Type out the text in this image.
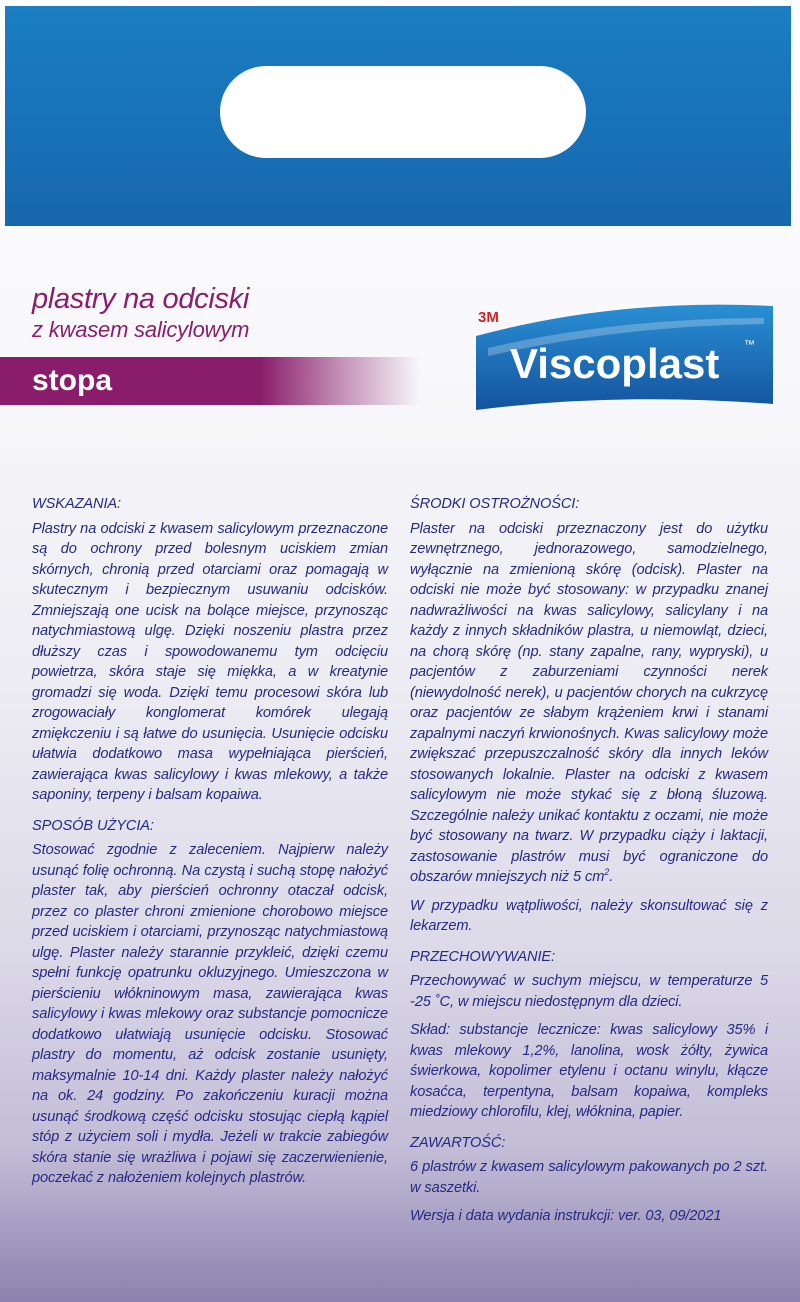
plastry na odciski
z kwasem salicylowym
stopa
3M
Viscoplast ™

WSKAZANIA:

Plastry na odciski z kwasem salicylowym przeznaczone są do ochrony przed bolesnym uciskiem zmian skórnych, chronią przed otarciami oraz pomagają w skutecznym i bezpiecznym usuwaniu odcisków. Zmniejszają one ucisk na bolące miejsce, przynosząc natychmiastową ulgę. Dzięki noszeniu plastra przez dłuższy czas i spowodowanemu tym odcięciu powietrza, skóra staje się miękka, a w kreatynie gromadzi się woda. Dzięki temu procesowi skóra lub zrogowaciały konglomerat komórek ulegają zmiękczeniu i są łatwe do usunięcia. Usunięcie odcisku ułatwia dodatkowo masa wypełniająca pierścień, zawierająca kwas salicylowy i kwas mlekowy, a także saponiny, terpeny i balsam kopaiwa.

SPOSÓB UŻYCIA:

Stosować zgodnie z zaleceniem. Najpierw należy usunąć folię ochronną. Na czystą i suchą stopę nałożyć plaster tak, aby pierścień ochronny otaczał odcisk, przez co plaster chroni zmienione chorobowo miejsce przed uciskiem i otarciami, przynosząc natychmiastową ulgę. Plaster należy starannie przykleić, dzięki czemu spełni funkcję opatrunku okluzyjnego. Umieszczona w pierścieniu włókninowym masa, zawierająca kwas salicylowy i kwas mlekowy oraz substancje pomocnicze dodatkowo ułatwiają usunięcie odcisku. Stosować plastry do momentu, aż odcisk zostanie usunięty, maksymalnie 10-14 dni. Każdy plaster należy nałożyć na ok. 24 godziny. Po zakończeniu kuracji można usunąć środkową część odcisku stosując ciepłą kąpiel stóp z użyciem soli i mydła. Jeżeli w trakcie zabiegów skóra stanie się wrażliwa i pojawi się zaczerwienienie, poczekać z nałożeniem kolejnych plastrów.

ŚRODKI OSTROŻNOŚCI:

Plaster na odciski przeznaczony jest do użytku zewnętrznego, jednorazowego, samodzielnego, wyłącznie na zmienioną skórę (odcisk). Plaster na odciski nie może być stosowany: w przypadku znanej nadwrażliwości na kwas salicylowy, salicylany i na każdy z innych składników plastra, u niemowląt, dzieci, na chorą skórę (np. stany zapalne, rany, wypryski), u pacjentów z zaburzeniami czynności nerek (niewydolność nerek), u pacjentów chorych na cukrzycę oraz pacjentów ze słabym krążeniem krwi i stanami zapalnymi naczyń krwionośnych. Kwas salicylowy może zwiększać przepuszczalność skóry dla innych leków stosowanych lokalnie. Plaster na odciski z kwasem salicylowym nie może stykać się z błoną śluzową. Szczególnie należy unikać kontaktu z oczami, nie może być stosowany na twarz. W przypadku ciąży i laktacji, zastosowanie plastrów musi być ograniczone do obszarów mniejszych niż 5 $cm^2$.

W przypadku wątpliwości, należy skonsultować się z lekarzem.

PRZECHOWYWANIE:

Przechowywać w suchym miejscu, w temperaturze 5 -25 ˚C, w miejscu niedostępnym dla dzieci.

Skład: substancje lecznicze: kwas salicylowy 35% i kwas mlekowy 1,2%, lanolina, wosk żółty, żywica świerkowa, kopolimer etylenu i octanu winylu, kłącze kosaćca, terpentyna, balsam kopaiwa, kompleks miedziowy chlorofilu, klej, włóknina, papier.

ZAWARTOŚĆ:

6 plastrów z kwasem salicylowym pakowanych po 2 szt. w saszetki.

Wersja i data wydania instrukcji: ver. 03, 09/2021
